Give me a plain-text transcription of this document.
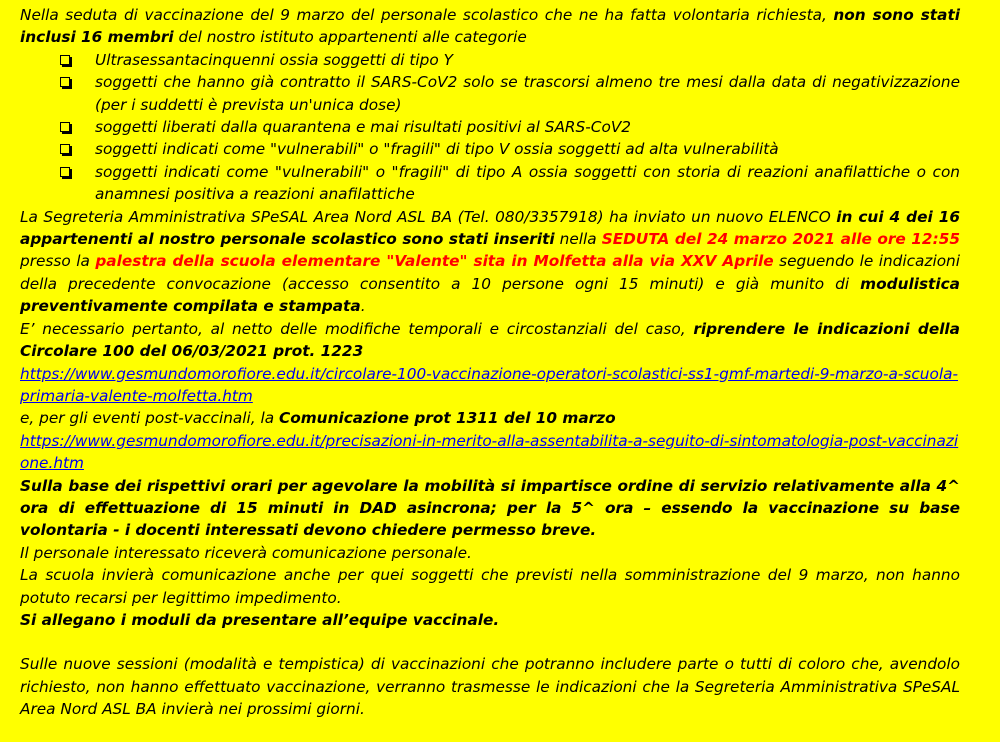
Nella seduta di vaccinazione del 9 marzo del personale scolastico che ne ha fatta volontaria richiesta, non sono stati inclusi 16 membri del nostro istituto appartenenti alle categorie

Ultrasessantacinquenni ossia soggetti di tipo Y
soggetti che hanno già contratto il SARS-CoV2 solo se trascorsi almeno tre mesi dalla data di negativizzazione (per i suddetti è prevista un'unica dose)
soggetti liberati dalla quarantena e mai risultati positivi al SARS-CoV2
soggetti indicati come "vulnerabili" o "fragili" di tipo V ossia soggetti ad alta vulnerabilità
soggetti indicati come "vulnerabili" o "fragili" di tipo A ossia soggetti con storia di reazioni anafilattiche o con anamnesi positiva a reazioni anafilattiche

La Segreteria Amministrativa SPeSAL Area Nord ASL BA (Tel. 080/3357918) ha inviato un nuovo ELENCO in cui 4 dei 16 appartenenti al nostro personale scolastico sono stati inseriti nella SEDUTA del 24 marzo 2021 alle ore 12:55 presso la palestra della scuola elementare "Valente" sita in Molfetta alla via XXV Aprile seguendo le indicazioni della precedente convocazione (accesso consentito a 10 persone ogni 15 minuti) e già munito di modulistica preventivamente compilata e stampata.

E’ necessario pertanto, al netto delle modifiche temporali e circostanziali del caso, riprendere le indicazioni della Circolare 100 del 06/03/2021 prot. 1223

https://www.gesmundomorofiore.edu.it/circolare-100-vaccinazione-operatori-scolastici-ss1-gmf-martedi-9-marzo-a-scuola-primaria-valente-molfetta.htm

e, per gli eventi post-vaccinali, la Comunicazione prot 1311 del 10 marzo

https://www.gesmundomorofiore.edu.it/precisazioni-in-merito-alla-assentabilita-a-seguito-di-sintomatologia-post-vaccinazione.htm

Sulla base dei rispettivi orari per agevolare la mobilità si impartisce ordine di servizio relativamente alla 4^ ora di effettuazione di 15 minuti in DAD asincrona; per la 5^ ora – essendo la vaccinazione su base volontaria - i docenti interessati devono chiedere permesso breve.

Il personale interessato riceverà comunicazione personale.

La scuola invierà comunicazione anche per quei soggetti che previsti nella somministrazione del 9 marzo, non hanno potuto recarsi per legittimo impedimento.

Si allegano i moduli da presentare all’equipe vaccinale.

Sulle nuove sessioni (modalità e tempistica) di vaccinazioni che potranno includere parte o tutti di coloro che, avendolo richiesto, non hanno effettuato vaccinazione, verranno trasmesse le indicazioni che la Segreteria Amministrativa SPeSAL Area Nord ASL BA invierà nei prossimi giorni.
